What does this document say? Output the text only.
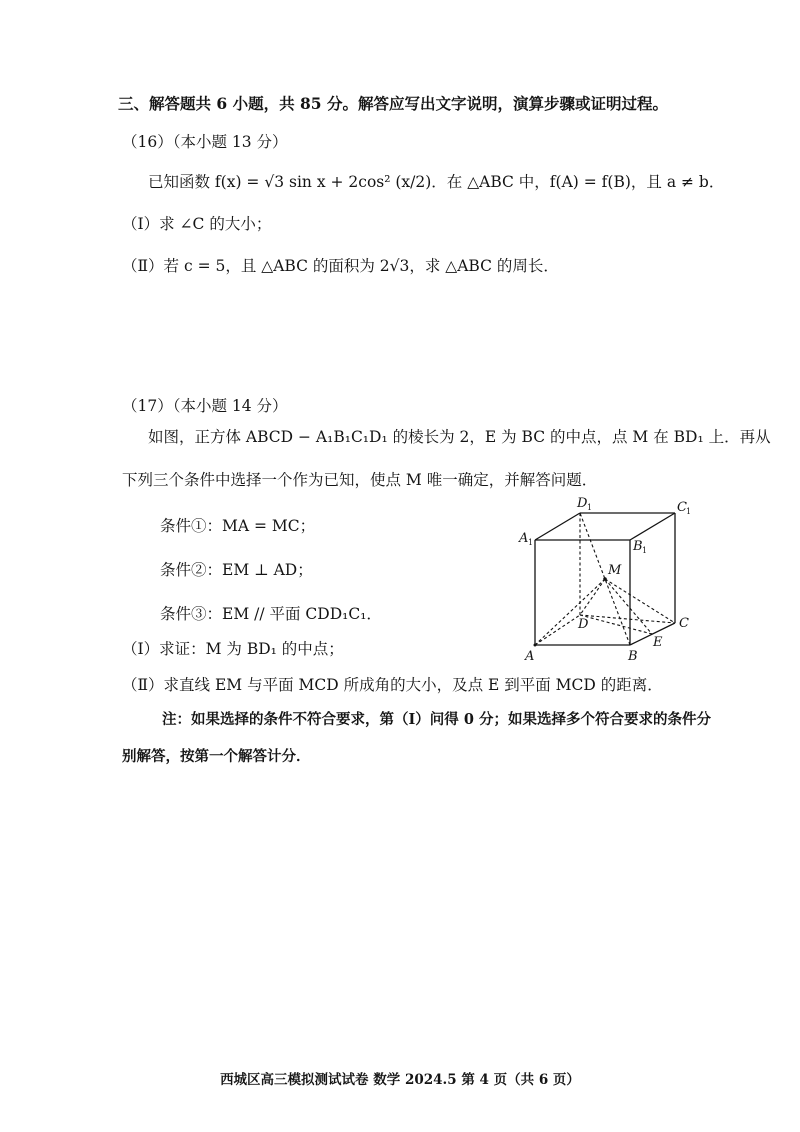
三、解答题共 6 小题，共 85 分。解答应写出文字说明，演算步骤或证明过程。
（16）（本小题 13 分）
已知函数 f(x) = √3 sin x + 2cos² (x/2)．在 △ABC 中，f(A) = f(B)，且 a ≠ b．
（Ⅰ）求 ∠C 的大小；
（Ⅱ）若 c = 5，且 △ABC 的面积为 2√3，求 △ABC 的周长．
（17）（本小题 14 分）
如图，正方体 ABCD − A₁B₁C₁D₁ 的棱长为 2，E 为 BC 的中点，点 M 在 BD₁ 上．再从
下列三个条件中选择一个作为已知，使点 M 唯一确定，并解答问题．
条件①：MA = MC；
条件②：EM ⊥ AD；
条件③：EM // 平面 CDD₁C₁．
（Ⅰ）求证：M 为 BD₁ 的中点；
（Ⅱ）求直线 EM 与平面 MCD 所成角的大小，及点 E 到平面 MCD 的距离．
注：如果选择的条件不符合要求，第（Ⅰ）问得 0 分；如果选择多个符合要求的条件分
别解答，按第一个解答计分．
A	B
C
D
E
M
A 1	B 1
C 1
D 1
西城区高三模拟测试试卷 数学 2024.5 第 4 页（共 6 页）
